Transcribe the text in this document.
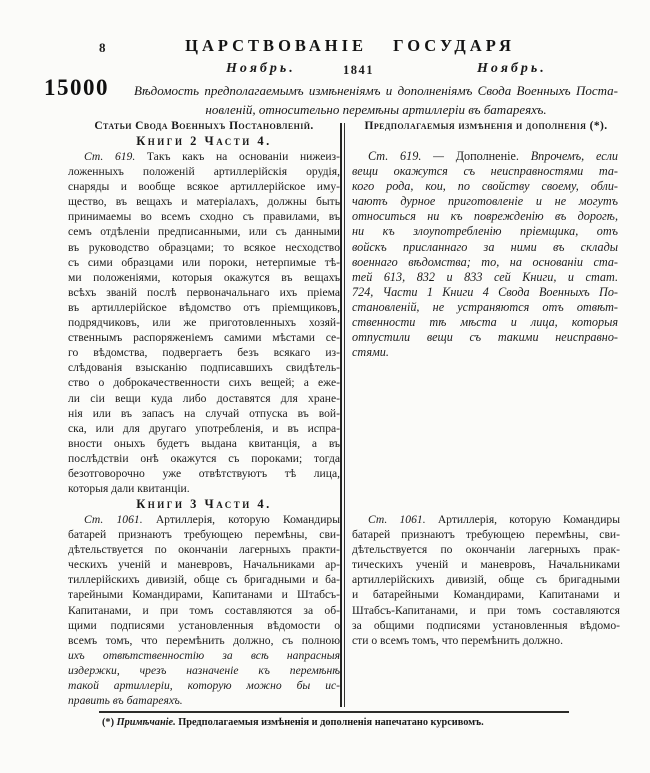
8	ЦАРСТВОВАНІЕ ГОСУДАРЯ
Ноябрь.	1841	Ноябрь.
15000 Вѣдомость предполагаемымъ измѣненіямъ и дополненіямъ Свода Военныхъ Поста-
новленій, относительно перемѣны артиллеріи въ батареяхъ.
Статьи Свода Военныхъ Постановленій.	Предполагаемыя измѣненія и дополненія (*).
Книги 2 Части 4.
Ст. 619. Такъ какъ на основаніи нижеиз-
ложенныхъ положеній артиллерійскія орудія,
снаряды и вообще всякое артиллерійское иму-
щество, въ вещахъ и матеріалахъ, должны быть
принимаемы во всемъ сходно съ правилами, въ
семъ отдѣленіи предписанными, или съ данными
въ руководство образцами; то всякое несходство
съ сими образцами или пороки, нетерпимые тѣ-
ми положеніями, которыя окажутся въ вещахъ
всѣхъ званій послѣ первоначальнаго ихъ пріема
въ артиллерійское вѣдомство отъ пріемщиковъ,
подрядчиковъ, или же приготовленныхъ хозяй-
ственнымъ распоряженіемъ самими мѣстами се-
го вѣдомства, подвергаетъ безъ всякаго из-
слѣдованія взысканію подписавшихъ свидѣтель-
ство о доброкачественности сихъ вещей; а еже-
ли сіи вещи куда либо доставятся для хране-
нія или въ запасъ на случай отпуска въ вой-
ска, или для другаго употребленія, и въ испра-
вности оныхъ будетъ выдана квитанція, а въ
послѣдствіи онѣ окажутся съ пороками; тогда
безотговорочно уже отвѣтствуютъ тѣ лица,
которыя дали квитанціи.
Книги 3 Части 4.
Ст. 1061. Артиллерія, которую Командиры
батарей признаютъ требующею перемѣны, сви-
дѣтельствуется по окончаніи лагерныхъ практи-
ческихъ ученій и маневровъ, Начальниками ар-
тиллерійскихъ дивизій, обще съ бригадными и ба-
тарейными Командирами, Капитанами и Штабсъ-
Капитанами, и при томъ составляются за об-
щими подписями установленныя вѣдомости о
всемъ томъ, что перемѣнить должно, съ полною
ихъ отвѣтственностію за всѣ напрасныя
издержки, чрезъ назначеніе къ перемѣнѣ
такой артиллеріи, которую можно бы ис-
править въ батареяхъ.
Ст. 619. — Дополненіе. Впрочемъ, если
вещи окажутся съ неисправностями та-
кого рода, кои, по свойству своему, обли-
чаютъ дурное приготовленіе и не могутъ
относиться ни къ поврежденію въ дорогѣ,
ни къ злоупотребленію пріемщика, отъ
войскъ присланнаго за ними въ склады
военнаго вѣдомства; то, на основаніи ста-
тей 613, 832 и 833 сей Книги, и стат.
724, Части 1 Книги 4 Свода Военныхъ По-
становленій, не устраняются отъ отвѣт-
ственности тѣ мѣста и лица, которыя
отпустили вещи съ такими неисправно-
стями.
Ст. 1061. Артиллерія, которую Командиры
батарей признаютъ требующею перемѣны, сви-
дѣтельствуется по окончаніи лагерныхъ прак-
тическихъ ученій и маневровъ, Начальниками
артиллерійскихъ дивизій, обще съ бригадными
и батарейными Командирами, Капитанами и
Штабсъ-Капитанами, и при томъ составляются
за общими подписями установленныя вѣдомо-
сти о всемъ томъ, что перемѣнить должно.
(*) Примѣчаніе. Предполагаемыя измѣненія и дополненія напечатано курсивомъ.
